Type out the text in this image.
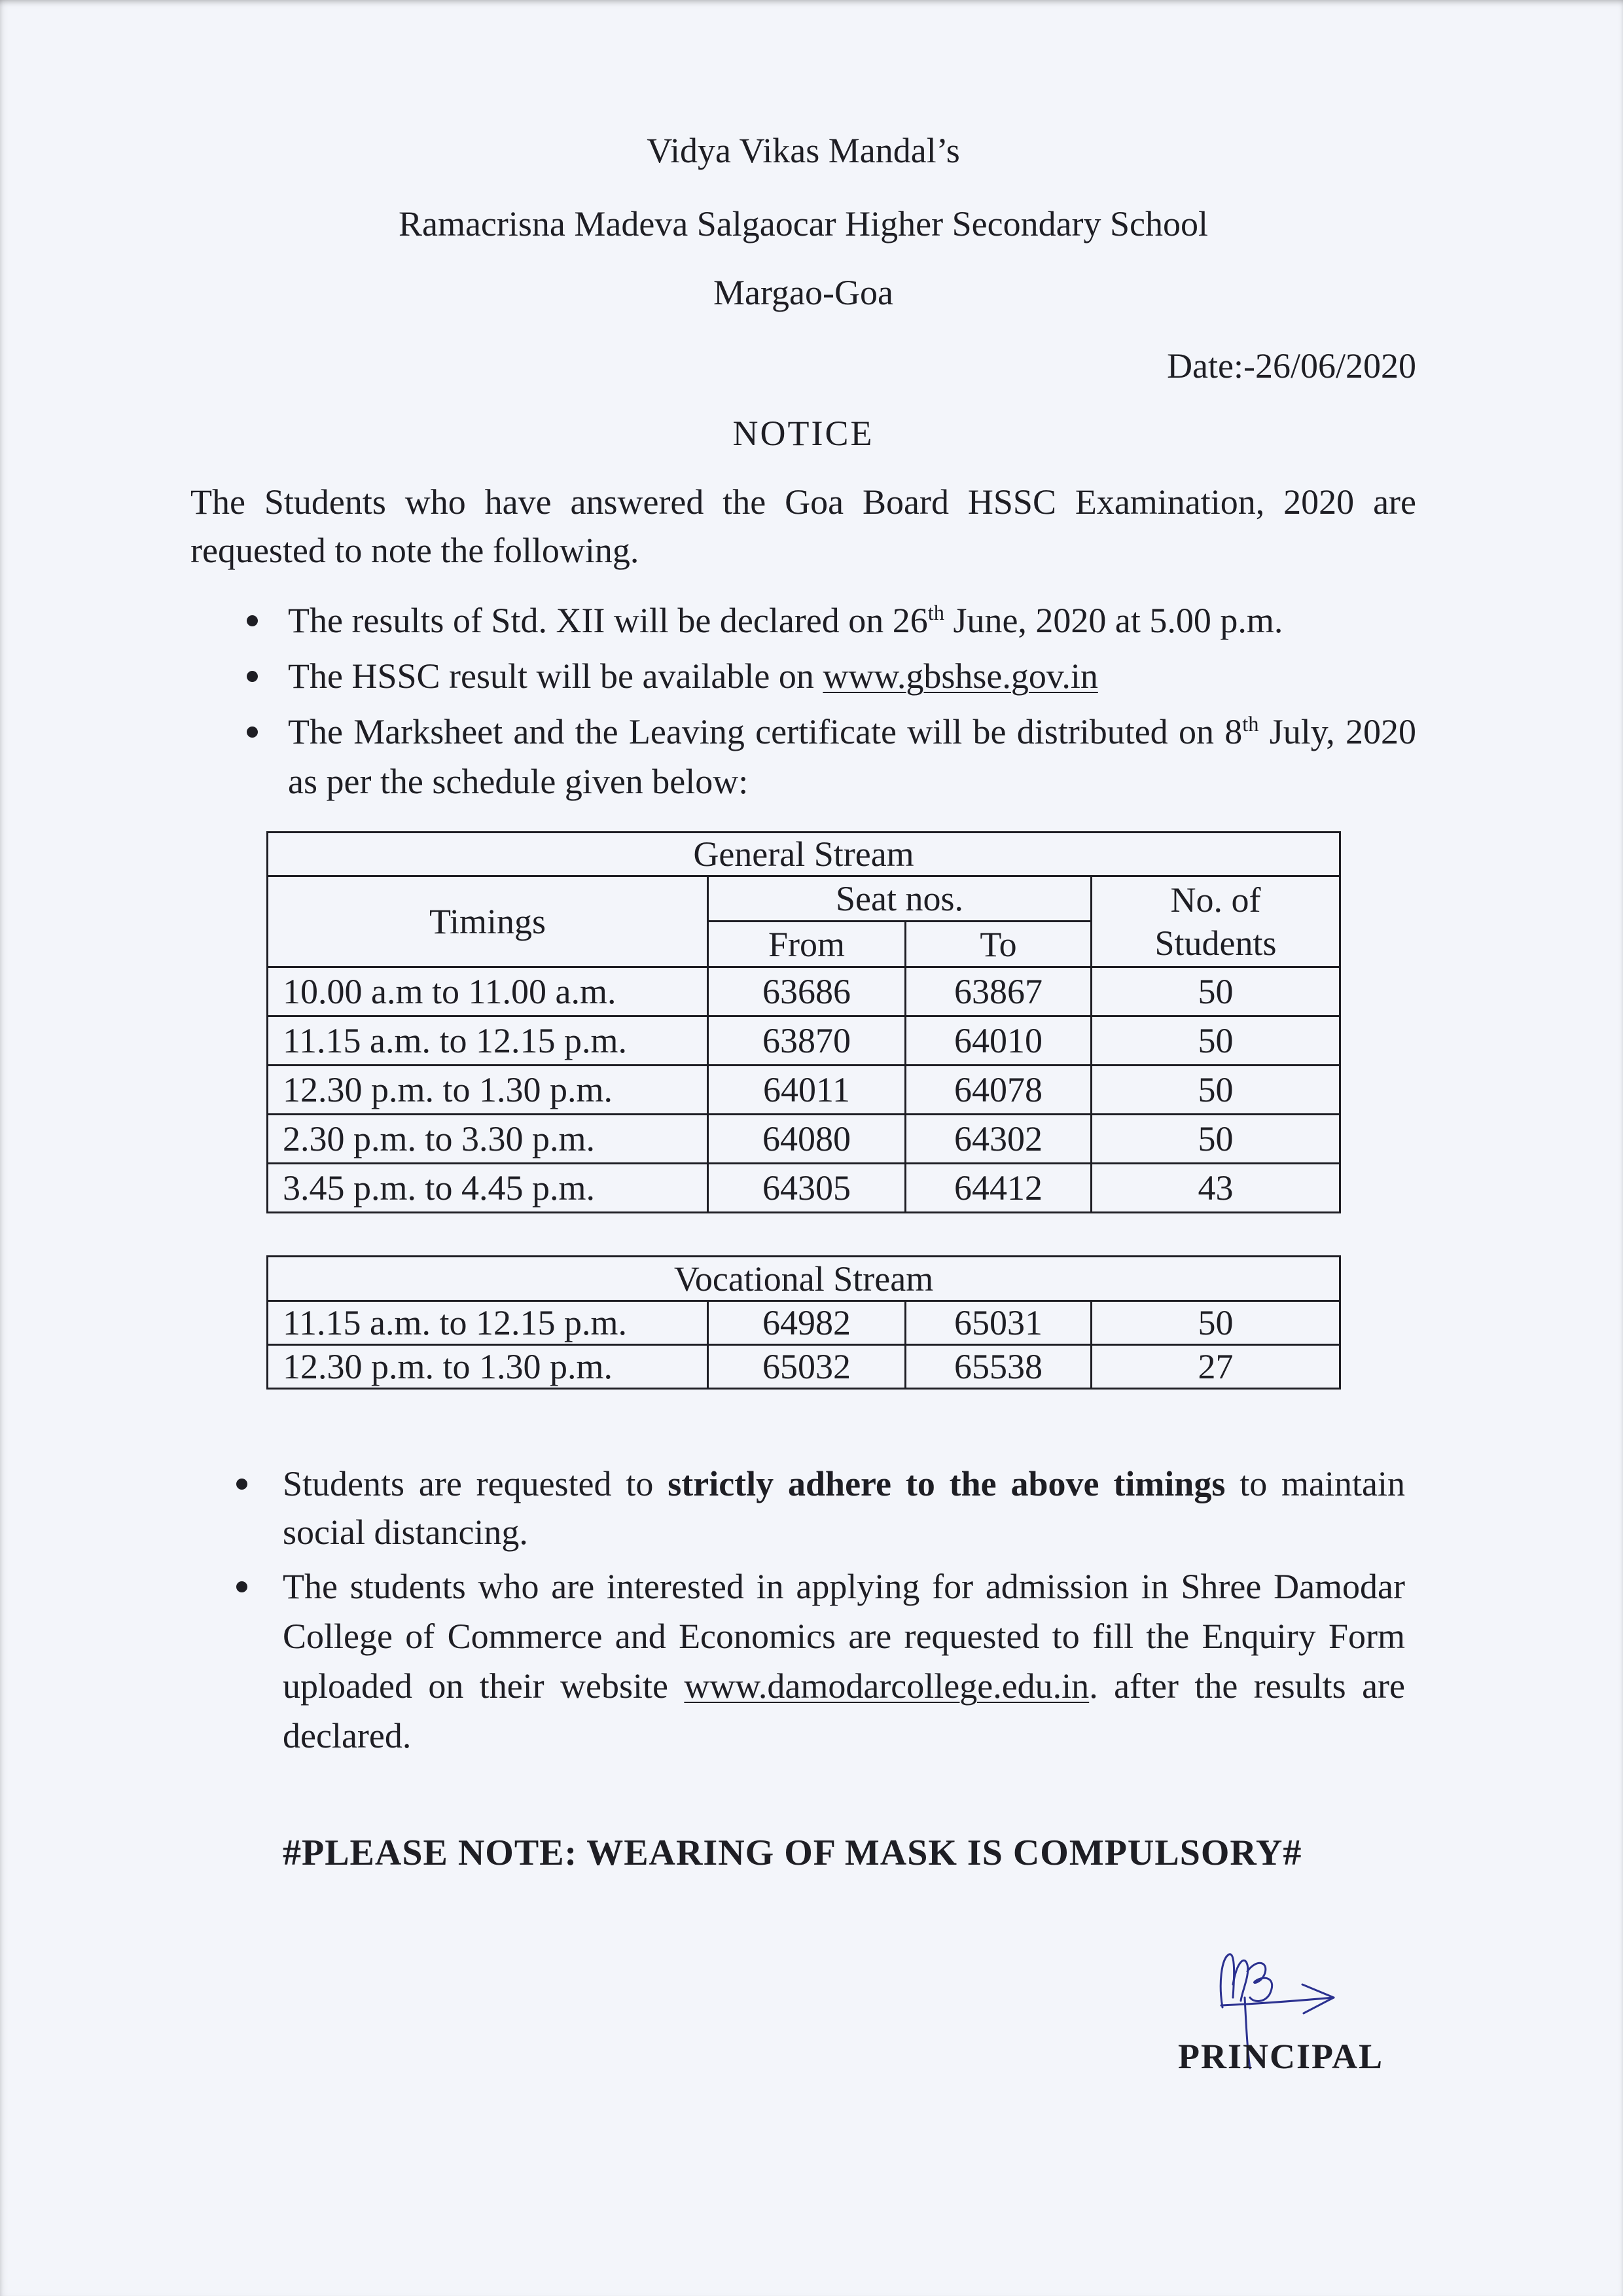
Vidya Vikas Mandal’s
Ramacrisna Madeva Salgaocar Higher Secondary School
Margao-Goa
Date:-26/06/2020
NOTICE
The Students who have answered the Goa Board HSSC Examination, 2020 are
requested to note the following.
The results of Std. XII will be declared on 26th June, 2020 at 5.00 p.m.
The HSSC result will be available on www.gbshse.gov.in
The Marksheet and the Leaving certificate will be distributed on 8th July, 2020
as per the schedule given below:
General Stream			
Timings	Seat nos.		No. of Students
	From	To	
10.00 a.m to 11.00 a.m.	63686	63867	50
11.15 a.m. to 12.15 p.m.	63870	64010	50
12.30 p.m. to 1.30 p.m.	64011	64078	50
2.30 p.m. to 3.30 p.m.	64080	64302	50
3.45 p.m. to 4.45 p.m.	64305	64412	43
Vocational Stream			
11.15 a.m. to 12.15 p.m.	64982	65031	50
12.30 p.m. to 1.30 p.m.	65032	65538	27
Students are requested to strictly adhere to the above timings to maintain
social distancing.
The students who are interested in applying for admission in Shree Damodar
College of Commerce and Economics are requested to fill the Enquiry Form
uploaded on their website www.damodarcollege.edu.in. after the results are
declared.
#PLEASE NOTE: WEARING OF MASK IS COMPULSORY#
PRINCIPAL
